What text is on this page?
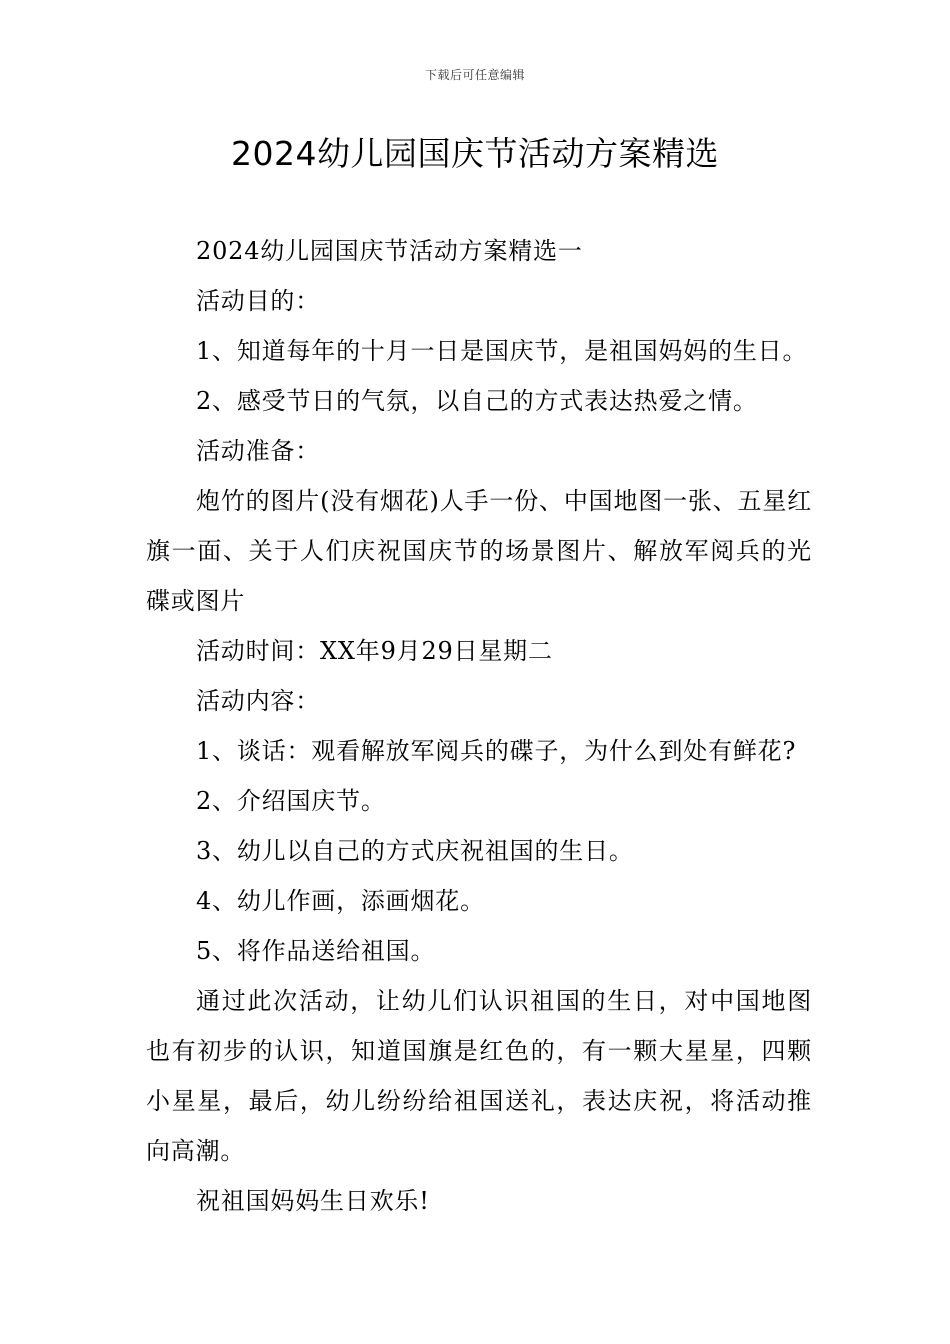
下载后可任意编辑
2024幼儿园国庆节活动方案精选

2024幼儿园国庆节活动方案精选一

活动目的：

1、知道每年的十月一日是国庆节，是祖国妈妈的生日。

2、感受节日的气氛，以自己的方式表达热爱之情。

活动准备：

炮竹的图片(没有烟花)人手一份、中国地图一张、五星红旗一面、关于人们庆祝国庆节的场景图片、解放军阅兵的光碟或图片

活动时间：XX年9月29日星期二

活动内容：

1、谈话：观看解放军阅兵的碟子，为什么到处有鲜花?

2、介绍国庆节。

3、幼儿以自己的方式庆祝祖国的生日。

4、幼儿作画，添画烟花。

5、将作品送给祖国。

通过此次活动，让幼儿们认识祖国的生日，对中国地图也有初步的认识，知道国旗是红色的，有一颗大星星，四颗小星星，最后，幼儿纷纷给祖国送礼，表达庆祝，将活动推向高潮。

祝祖国妈妈生日欢乐!
